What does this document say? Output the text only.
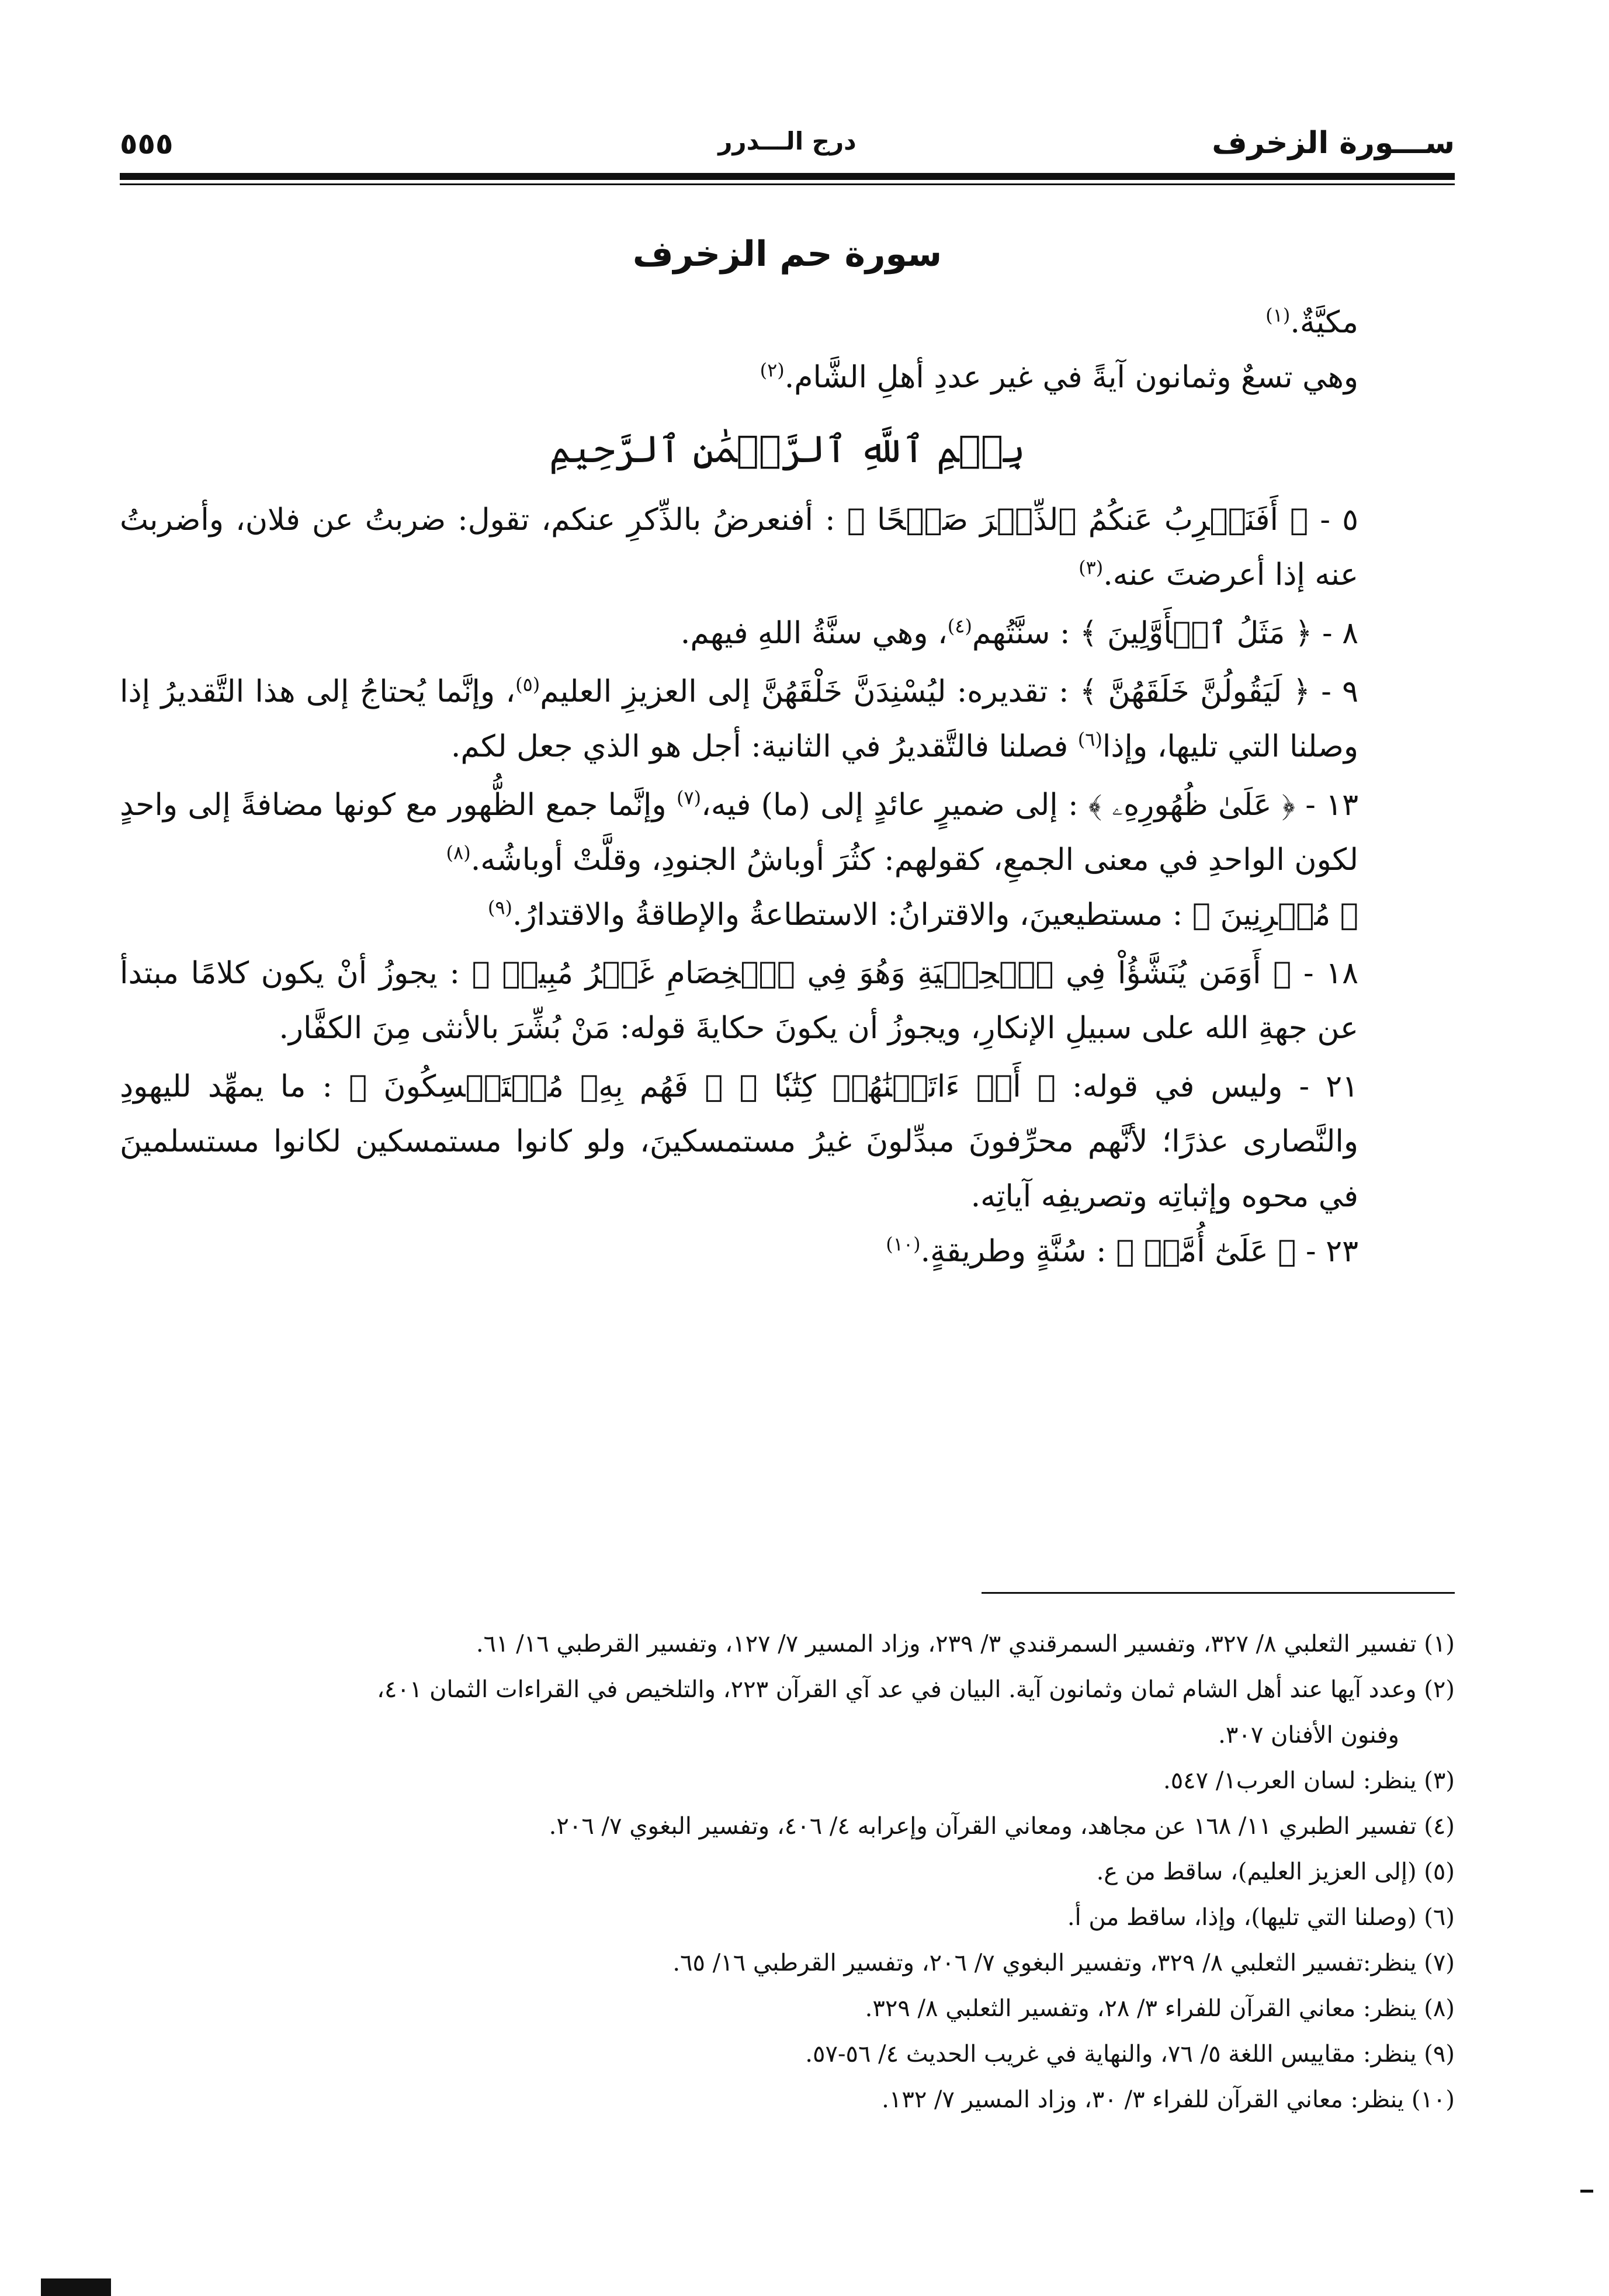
ســـورة الزخرف
درج الـــدرر
٥٥٥
سورة حم الزخرف

مكيَّةٌ.$^{(١)}$

وهي تسعٌ وثمانون آيةً في غير عددِ أهلِ الشَّام.$^{(٢)}$

بِسۡمِ ٱللَّهِ ٱلرَّحۡمَٰنِ ٱلرَّحِيمِ

٥ - ﴿ أَفَنَضۡرِبُ عَنكُمُ ٱلذِّكۡرَ صَفۡحًا ﴾ : أفنعرضُ بالذِّكرِ عنكم، تقول: ضربتُ عن فلان، وأضربتُ عنه إذا أعرضتَ عنه.$^{(٣)}$

٨ - ﴿ مَثَلُ ٱلۡأَوَّلِينَ ﴾ : سنَّتُهم$^{(٤)}$، وهي سنَّةُ اللهِ فيهم.

٩ - ﴿ لَيَقُولُنَّ خَلَقَهُنَّ ﴾ : تقديره: ليُسْنِدَنَّ خَلْقَهُنَّ إلى العزيزِ العليم$^{(٥)}$، وإنَّما يُحتاجُ إلى هذا التَّقديرُ إذا وصلنا التي تليها، وإذا$^{(٦)}$ فصلنا فالتَّقديرُ في الثانية: أجل هو الذي جعل لكم.

١٣ - ﴿ عَلَىٰ ظُهُورِهِۦ ﴾ : إلى ضميرٍ عائدٍ إلى (ما) فيه،$^{(٧)}$ وإنَّما جمع الظُّهور مع كونها مضافةً إلى واحدٍ لكون الواحدِ في معنى الجمعِ، كقولهم: كثُرَ أوباشُ الجنودِ، وقلَّتْ أوباشُه.$^{(٨)}$

﴿ مُقۡرِنِينَ ﴾ : مستطيعينَ، والاقترانُ: الاستطاعةُ والإطاقةُ والاقتدارُ.$^{(٩)}$

١٨ - ﴿ أَوَمَن يُنَشَّؤُاْ فِي ٱلۡحِلۡيَةِ وَهُوَ فِي ٱلۡخِصَامِ غَيۡرُ مُبِينٖ ﴾ : يجوزُ أنْ يكون كلامًا مبتدأ عن جهةِ الله على سبيلِ الإنكارِ، ويجوزُ أن يكونَ حكايةَ قوله: مَنْ بُشِّرَ بالأنثى مِنَ الكفَّار.

٢١ - وليس في قوله: ﴿ أَمۡ ءَاتَيۡنَٰهُمۡ كِتَٰبٗا ﴾ ﴿ فَهُم بِهِۦ مُسۡتَمۡسِكُونَ ﴾ : ما يمهِّد لليهودِ والنَّصارى عذرًا؛ لأنَّهم محرِّفونَ مبدِّلونَ غيرُ مستمسكينَ، ولو كانوا مستمسكين لكانوا مستسلمينَ في محوه وإثباتِه وتصريفِه آياتِه.

٢٣ - ﴿ عَلَىٰٓ أُمَّةٖ ﴾ : سُنَّةٍ وطريقةٍ.$^{(١٠)}$

(١) تفسير الثعلبي ٨/ ٣٢٧، وتفسير السمرقندي ٣/ ٢٣٩، وزاد المسير ٧/ ١٢٧، وتفسير القرطبي ١٦/ ٦١.

(٢) وعدد آيها عند أهل الشام ثمان وثمانون آية. البيان في عد آي القرآن ٢٢٣، والتلخيص في القراءات الثمان ٤٠١،

وفنون الأفنان ٣٠٧.

(٣) ينظر: لسان العرب١/ ٥٤٧.

(٤) تفسير الطبري ١١/ ١٦٨ عن مجاهد، ومعاني القرآن وإعرابه ٤/ ٤٠٦، وتفسير البغوي ٧/ ٢٠٦.

(٥) (إلى العزيز العليم)، ساقط من ع.

(٦) (وصلنا التي تليها)، وإذا، ساقط من أ.

(٧) ينظر:تفسير الثعلبي ٨/ ٣٢٩، وتفسير البغوي ٧/ ٢٠٦، وتفسير القرطبي ١٦/ ٦٥.

(٨) ينظر: معاني القرآن للفراء ٣/ ٢٨، وتفسير الثعلبي ٨/ ٣٢٩.

(٩) ينظر: مقاييس اللغة ٥/ ٧٦، والنهاية في غريب الحديث ٤/ ٥٦-٥٧.

(١٠) ينظر: معاني القرآن للفراء ٣/ ٣٠، وزاد المسير ٧/ ١٣٢.
